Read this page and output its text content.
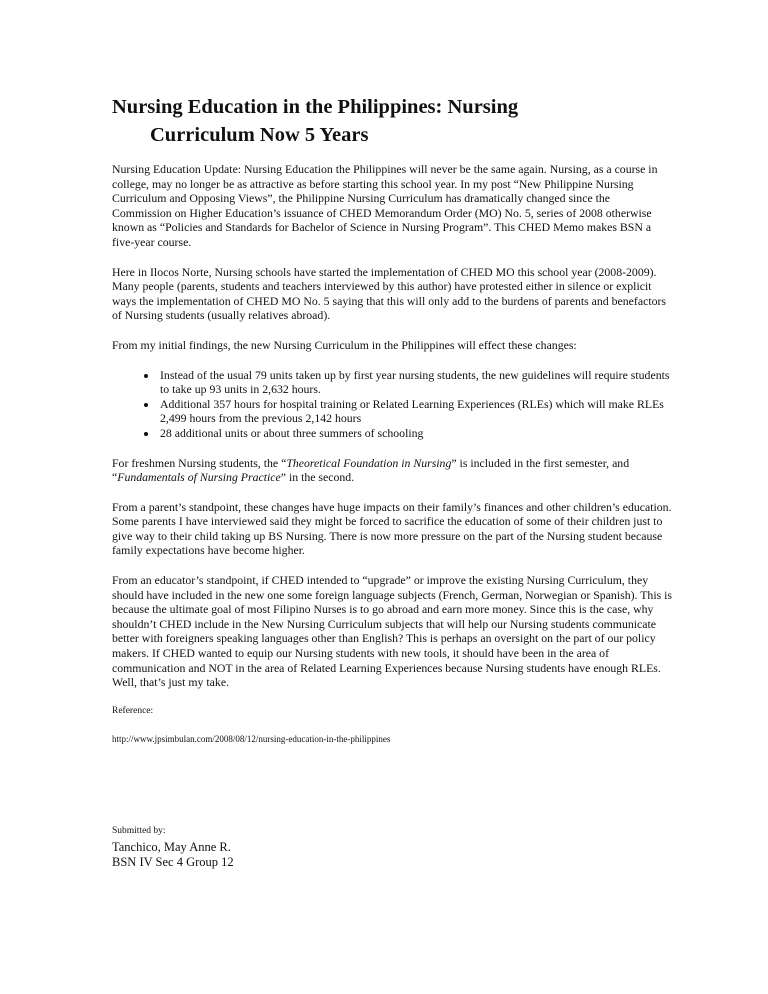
Nursing Education in the Philippines: Nursing
Curriculum Now 5 Years

Nursing Education Update: Nursing Education the Philippines will never be the same again. Nursing, as a course in college, may no longer be as attractive as before starting this school year. In my post “New Philippine Nursing Curriculum and Opposing Views”, the Philippine Nursing Curriculum has dramatically changed since the Commission on Higher Education’s issuance of CHED Memorandum Order (MO) No. 5, series of 2008 otherwise known as “Policies and Standards for Bachelor of Science in Nursing Program”. This CHED Memo makes BSN a five-year course.

Here in Ilocos Norte, Nursing schools have started the implementation of CHED MO this school year (2008-2009). Many people (parents, students and teachers interviewed by this author) have protested either in silence or explicit ways the implementation of CHED MO No. 5 saying that this will only add to the burdens of parents and benefactors of Nursing students (usually relatives abroad).

From my initial findings, the new Nursing Curriculum in the Philippines will effect these changes:

• Instead of the usual 79 units taken up by first year nursing students, the new guidelines will require students to take up 93 units in 2,632 hours.
• Additional 357 hours for hospital training or Related Learning Experiences (RLEs) which will make RLEs 2,499 hours from the previous 2,142 hours
• 28 additional units or about three summers of schooling

For freshmen Nursing students, the “Theoretical Foundation in Nursing” is included in the first semester, and “Fundamentals of Nursing Practice” in the second.

From a parent’s standpoint, these changes have huge impacts on their family’s finances and other children’s education. Some parents I have interviewed said they might be forced to sacrifice the education of some of their children just to give way to their child taking up BS Nursing. There is now more pressure on the part of the Nursing student because family expectations have become higher.

From an educator’s standpoint, if CHED intended to “upgrade” or improve the existing Nursing Curriculum, they should have included in the new one some foreign language subjects (French, German, Norwegian or Spanish). This is because the ultimate goal of most Filipino Nurses is to go abroad and earn more money. Since this is the case, why shouldn’t CHED include in the New Nursing Curriculum subjects that will help our Nursing students communicate better with foreigners speaking languages other than English? This is perhaps an oversight on the part of our policy makers. If CHED wanted to equip our Nursing students with new tools, it should have been in the area of communication and NOT in the area of Related Learning Experiences because Nursing students have enough RLEs. Well, that’s just my take.

Reference:

http://www.jpsimbulan.com/2008/08/12/nursing-education-in-the-philippines

Submitted by:

Tanchico, May Anne R.

BSN IV Sec 4 Group 12
